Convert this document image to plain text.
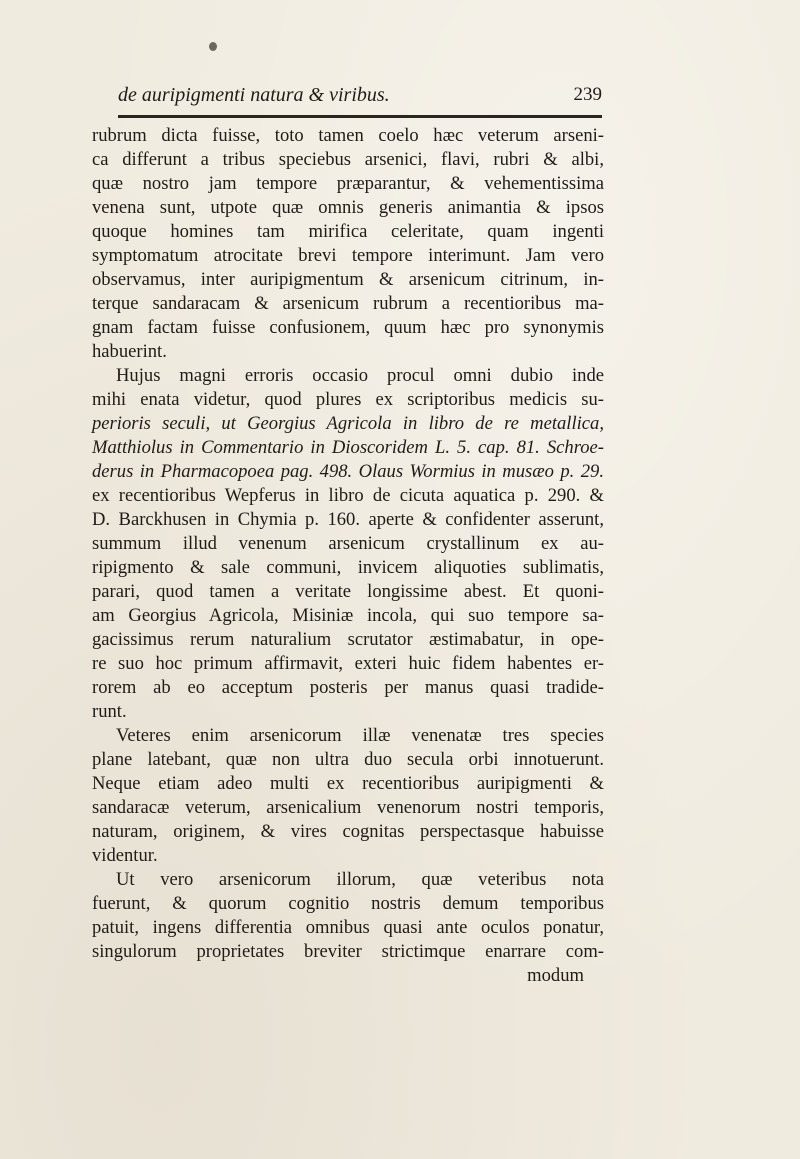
de auripigmenti natura & viribus.	239
rubrum dicta fuisse, toto tamen coelo hæc veterum arseni-
ca differunt a tribus speciebus arsenici, flavi, rubri & albi,
quæ nostro jam tempore præparantur, & vehementissima
venena sunt, utpote quæ omnis generis animantia & ipsos
quoque homines tam mirifica celeritate, quam ingenti
symptomatum atrocitate brevi tempore interimunt. Jam vero
observamus, inter auripigmentum & arsenicum citrinum, in-
terque sandaracam & arsenicum rubrum a recentioribus ma-
gnam factam fuisse confusionem, quum hæc pro synonymis
habuerint.
Hujus magni erroris occasio procul omni dubio inde
mihi enata videtur, quod plures ex scriptoribus medicis su-
perioris seculi, ut Georgius Agricola in libro de re metallica,
Matthiolus in Commentario in Dioscoridem L. 5. cap. 81. Schroe-
derus in Pharmacopoea pag. 498. Olaus Wormius in musæo p. 29.
ex recentioribus Wepferus in libro de cicuta aquatica p. 290. &
D. Barckhusen in Chymia p. 160. aperte & confidenter asserunt,
summum illud venenum arsenicum crystallinum ex au-
ripigmento & sale communi, invicem aliquoties sublimatis,
parari, quod tamen a veritate longissime abest. Et quoni-
am Georgius Agricola, Misiniæ incola, qui suo tempore sa-
gacissimus rerum naturalium scrutator æstimabatur, in ope-
re suo hoc primum affirmavit, exteri huic fidem habentes er-
rorem ab eo acceptum posteris per manus quasi tradide-
runt.
Veteres enim arsenicorum illæ venenatæ tres species
plane latebant, quæ non ultra duo secula orbi innotuerunt.
Neque etiam adeo multi ex recentioribus auripigmenti &
sandaracæ veterum, arsenicalium venenorum nostri temporis,
naturam, originem, & vires cognitas perspectasque habuisse
videntur.
Ut vero arsenicorum illorum, quæ veteribus nota
fuerunt, & quorum cognitio nostris demum temporibus
patuit, ingens differentia omnibus quasi ante oculos ponatur,
singulorum proprietates breviter strictimque enarrare com-
modum
